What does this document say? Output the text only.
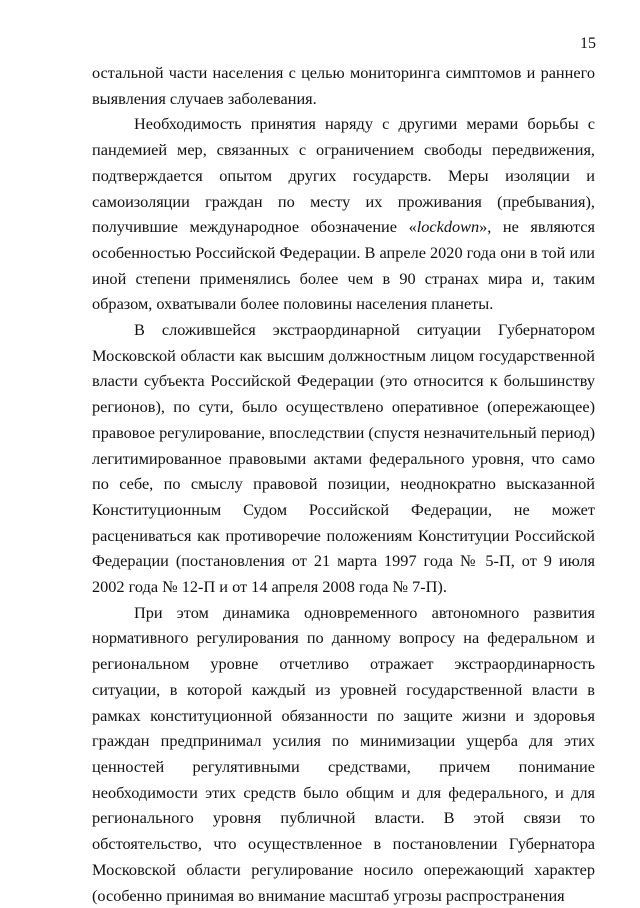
15

остальной части населения с целью мониторинга симптомов и раннего выявления случаев заболевания.

Необходимость принятия наряду с другими мерами борьбы с пандемией мер, связанных с ограничением свободы передвижения, подтверждается опытом других государств. Меры изоляции и самоизоляции граждан по месту их проживания (пребывания), получившие международное обозначение «lockdown», не являются особенностью Российской Федерации. В апреле 2020 года они в той или иной степени применялись более чем в 90 странах мира и, таким образом, охватывали более половины населения планеты.

В сложившейся экстраординарной ситуации Губернатором Московской области как высшим должностным лицом государственной власти субъекта Российской Федерации (это относится к большинству регионов), по сути, было осуществлено оперативное (опережающее) правовое регулирование, впоследствии (спустя незначительный период) легитимированное правовыми актами федерального уровня, что само по себе, по смыслу правовой позиции, неоднократно высказанной Конституционным Судом Российской Федерации, не может расцениваться как противоречие положениям Конституции Российской Федерации (постановления от 21 марта 1997 года № 5-П, от 9 июля 2002 года № 12-П и от 14 апреля 2008 года № 7-П).

При этом динамика одновременного автономного развития нормативного регулирования по данному вопросу на федеральном и региональном уровне отчетливо отражает экстраординарность ситуации, в которой каждый из уровней государственной власти в рамках конституционной обязанности по защите жизни и здоровья граждан предпринимал усилия по минимизации ущерба для этих ценностей регулятивными средствами, причем понимание необходимости этих средств было общим и для федерального, и для регионального уровня публичной власти. В этой связи то обстоятельство, что осуществленное в постановлении Губернатора Московской области регулирование носило опережающий характер (особенно принимая во внимание масштаб угрозы распространения
